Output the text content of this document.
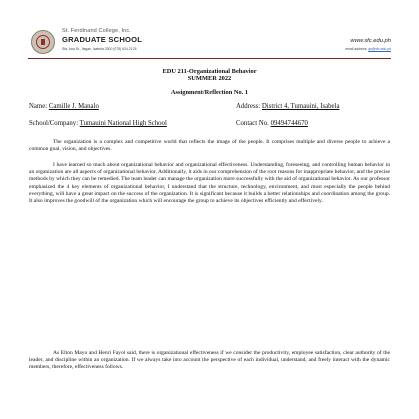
St. Ferdinand College, Inc.
GRADUATE SCHOOL
Sta. Ana St., Ilagan, Isabela 3300 (078) 624-2125
www.sfc.edu.ph
email address: gs@sfc.edu.ph
EDU 211-Organizational Behavior
SUMMER 2022
Assignment/Reflection No. 1
Name: Camille J. Manalo	Address: District 4, Tumauini, Isabela
School/Company: Tumauini National High School	Contact No. 09494744670

The organization is a complex and competitive world that reflects the image of the people. It comprises multiple and diverse people to achieve a common goal, vision, and objectives.

I have learned so much about organizational behavior and organizational effectiveness. Understanding, foreseeing, and controlling human behavior in an organization are all aspects of organizational behavior. Additionally, it aids in our comprehension of the root reasons for inappropriate behavior, and the precise methods by which they can be remedied. The team leader can manage the organization more successfully with the aid of organizational behavior. As our professor emphasized the 4 key elements of organizational behavior, I understand that the structure, technology, environment, and most especially the people behind everything, will have a great impact on the success of the organization. It is significant because it builds a better relationships and coordination among the group. It also improves the goodwill of the organization which will encourage the group to achieve its objectives efficiently and effectively.

As Elton Mayo and Henri Fayol said, there is organizational effectiveness if we consider the productivity, employee satisfaction, clear authority of the leader, and discipline within an organization. If we always take into account the perspective of each individual, understand, and freely interact with the dynamic members, therefore, effectiveness follows.
